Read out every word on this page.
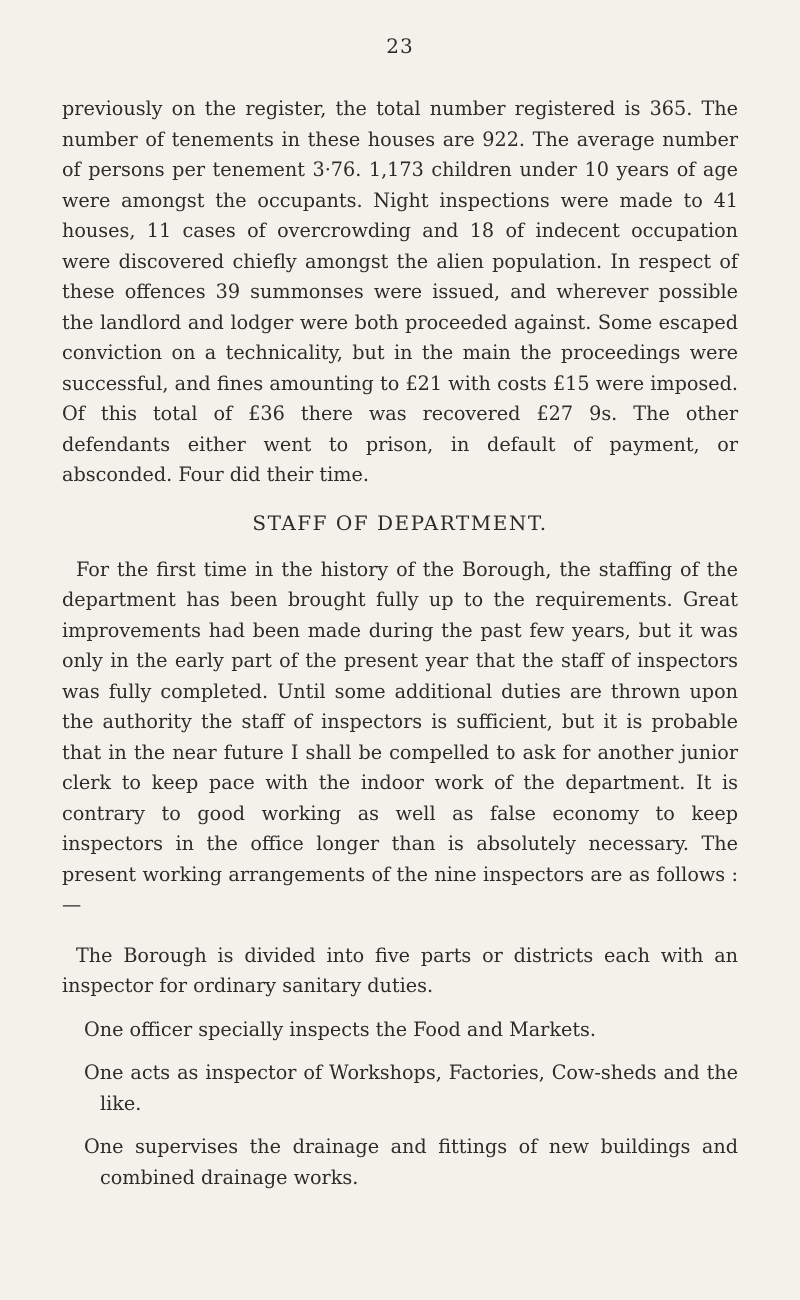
23

previously on the register, the total number registered is 365. The number of tenements in these houses are 922. The average number of persons per tenement 3·76. 1,173 children under 10 years of age were amongst the occupants. Night inspections were made to 41 houses, 11 cases of overcrowding and 18 of indecent occupation were discovered chiefly amongst the alien population. In respect of these offences 39 summonses were issued, and wherever possible the landlord and lodger were both proceeded against. Some escaped conviction on a technicality, but in the main the proceedings were successful, and fines amounting to £21 with costs £15 were imposed. Of this total of £36 there was recovered £27 9s. The other defendants either went to prison, in default of payment, or absconded. Four did their time.

STAFF OF DEPARTMENT.

For the first time in the history of the Borough, the staffing of the department has been brought fully up to the requirements. Great improvements had been made during the past few years, but it was only in the early part of the present year that the staff of inspectors was fully completed. Until some additional duties are thrown upon the authority the staff of inspectors is sufficient, but it is probable that in the near future I shall be compelled to ask for another junior clerk to keep pace with the indoor work of the department. It is contrary to good working as well as false economy to keep inspectors in the office longer than is absolutely necessary. The present working arrangements of the nine inspectors are as follows :—

The Borough is divided into five parts or districts each with an inspector for ordinary sanitary duties.

One officer specially inspects the Food and Markets.

One acts as inspector of Workshops, Factories, Cow-sheds and the like.

One supervises the drainage and fittings of new buildings and combined drainage works.
